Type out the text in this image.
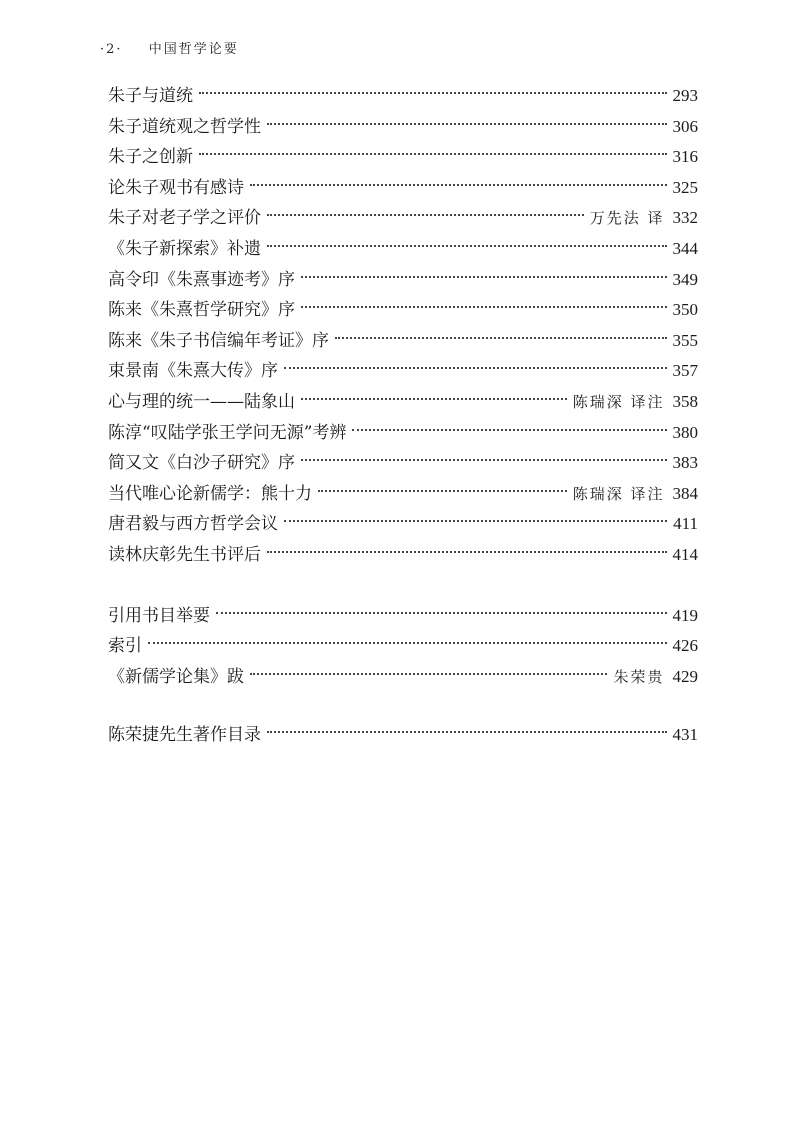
·2· 中国哲学论要
朱子与道统	293
朱子道统观之哲学性	306
朱子之创新	316
论朱子观书有感诗	325
朱子对老子学之评价	万先法 译 332
《朱子新探索》补遗	344
高令印《朱熹事迹考》序	349
陈来《朱熹哲学研究》序	350
陈来《朱子书信编年考证》序	355
束景南《朱熹大传》序	357
心与理的统一——陆象山	陈瑞深 译注 358
陈淳“叹陆学张王学问无源”考辨	380
简又文《白沙子研究》序	383
当代唯心论新儒学：熊十力	陈瑞深 译注 384
唐君毅与西方哲学会议	411
读林庆彰先生书评后	414
引用书目举要	419
索引	426
《新儒学论集》跋	朱荣贵 429
陈荣捷先生著作目录	431
